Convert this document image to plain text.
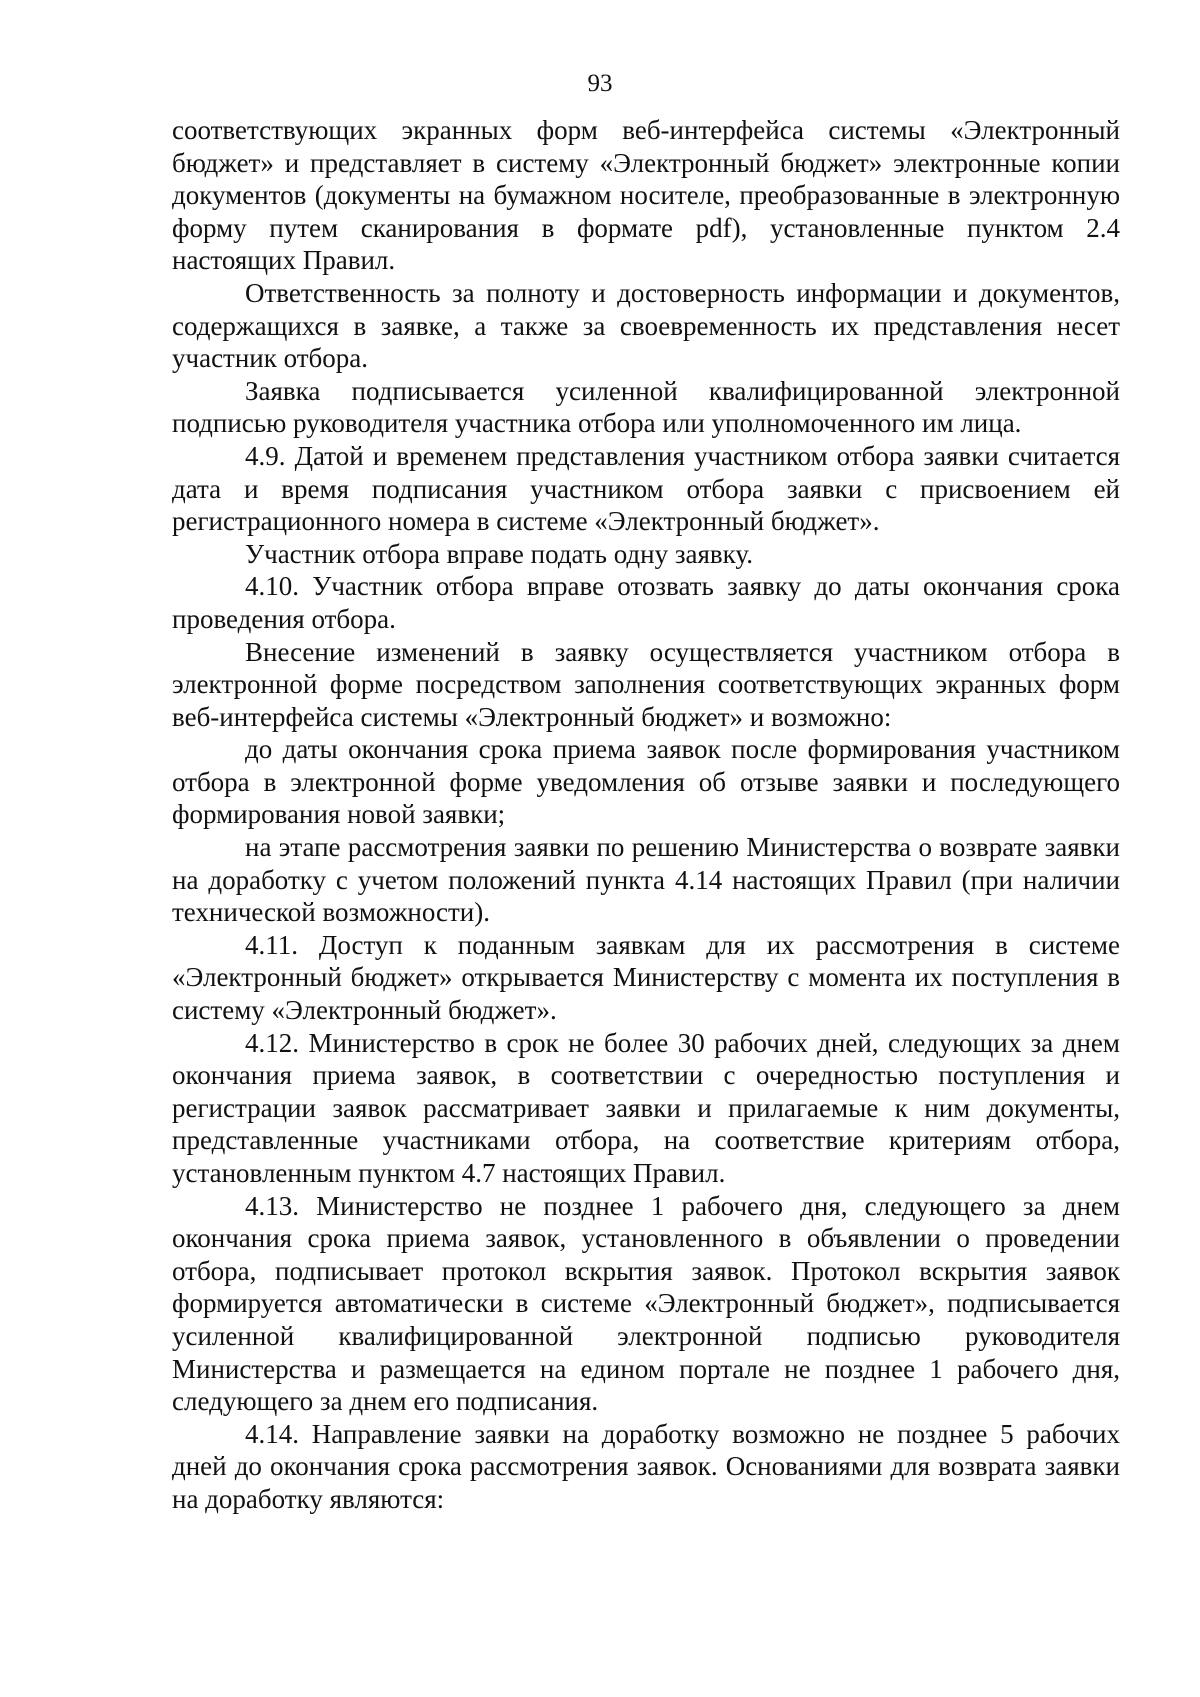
93

соответствующих экранных форм веб-интерфейса системы «Электронный бюджет» и представляет в систему «Электронный бюджет» электронные копии документов (документы на бумажном носителе, преобразованные в электронную форму путем сканирования в формате pdf), установленные пунктом 2.4 настоящих Правил.

Ответственность за полноту и достоверность информации и документов, содержащихся в заявке, а также за своевременность их представления несет участник отбора.

Заявка подписывается усиленной квалифицированной электронной подписью руководителя участника отбора или уполномоченного им лица.

4.9. Датой и временем представления участником отбора заявки считается дата и время подписания участником отбора заявки с присвоением ей регистрационного номера в системе «Электронный бюджет».

Участник отбора вправе подать одну заявку.

4.10. Участник отбора вправе отозвать заявку до даты окончания срока проведения отбора.

Внесение изменений в заявку осуществляется участником отбора в электронной форме посредством заполнения соответствующих экранных форм веб-интерфейса системы «Электронный бюджет» и возможно:

до даты окончания срока приема заявок после формирования участником отбора в электронной форме уведомления об отзыве заявки и последующего формирования новой заявки;

на этапе рассмотрения заявки по решению Министерства о возврате заявки на доработку с учетом положений пункта 4.14 настоящих Правил (при наличии технической возможности).

4.11. Доступ к поданным заявкам для их рассмотрения в системе «Электронный бюджет» открывается Министерству с момента их поступления в систему «Электронный бюджет».

4.12. Министерство в срок не более 30 рабочих дней, следующих за днем окончания приема заявок, в соответствии с очередностью поступления и регистрации заявок рассматривает заявки и прилагаемые к ним документы, представленные участниками отбора, на соответствие критериям отбора, установленным пунктом 4.7 настоящих Правил.

4.13. Министерство не позднее 1 рабочего дня, следующего за днем окончания срока приема заявок, установленного в объявлении о проведении отбора, подписывает протокол вскрытия заявок. Протокол вскрытия заявок формируется автоматически в системе «Электронный бюджет», подписывается усиленной квалифицированной электронной подписью руководителя Министерства и размещается на едином портале не позднее 1 рабочего дня, следующего за днем его подписания.

4.14. Направление заявки на доработку возможно не позднее 5 рабочих дней до окончания срока рассмотрения заявок. Основаниями для возврата заявки на доработку являются:
